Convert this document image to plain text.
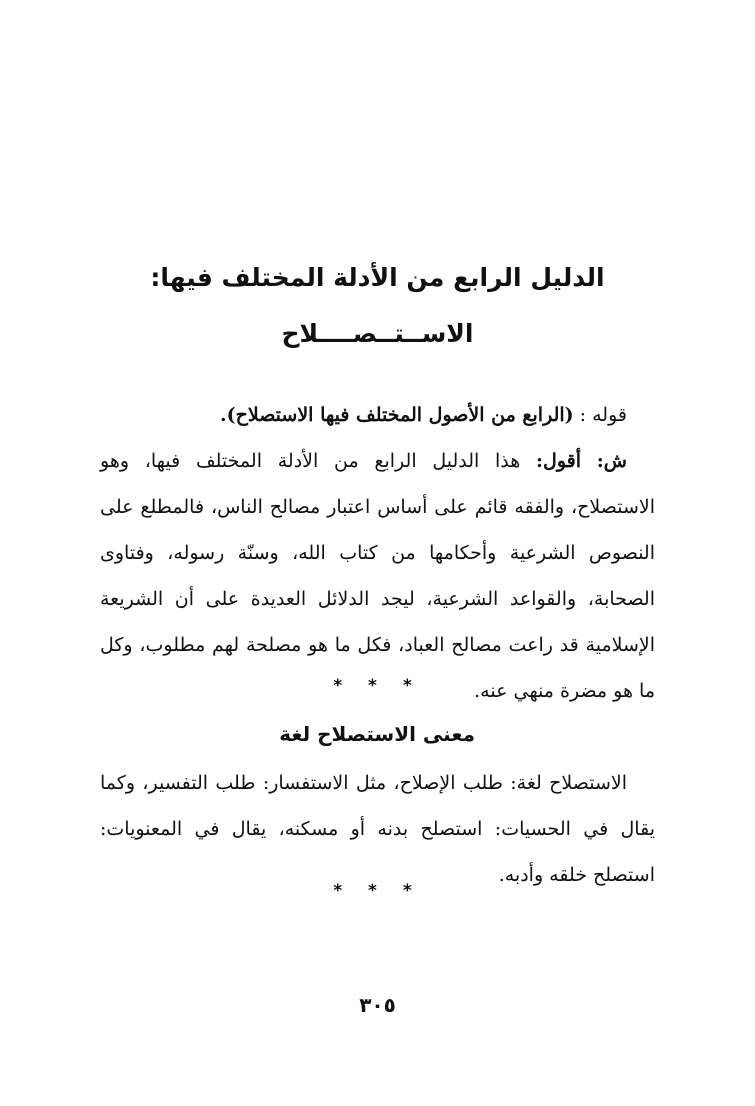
الدليل الرابع من الأدلة المختلف فيها:
الاســتــصــــلاح

قوله : (الرابع من الأصول المختلف فيها الاستصلاح).

ش: أقول: هذا الدليل الرابع من الأدلة المختلف فيها، وهو الاستصلاح، والفقه قائم على أساس اعتبار مصالح الناس، فالمطلع على النصوص الشرعية وأحكامها من كتاب الله، وسنّة رسوله، وفتاوى الصحابة، والقواعد الشرعية، ليجد الدلائل العديدة على أن الشريعة الإسلامية قد راعت مصالح العباد، فكل ما هو مصلحة لهم مطلوب، وكل ما هو مضرة منهي عنه.

* * *
معنى الاستصلاح لغة

الاستصلاح لغة: طلب الإصلاح، مثل الاستفسار: طلب التفسير، وكما يقال في الحسيات: استصلح بدنه أو مسكنه، يقال في المعنويات: استصلح خلقه وأدبه.

* * *
٣٠٥
